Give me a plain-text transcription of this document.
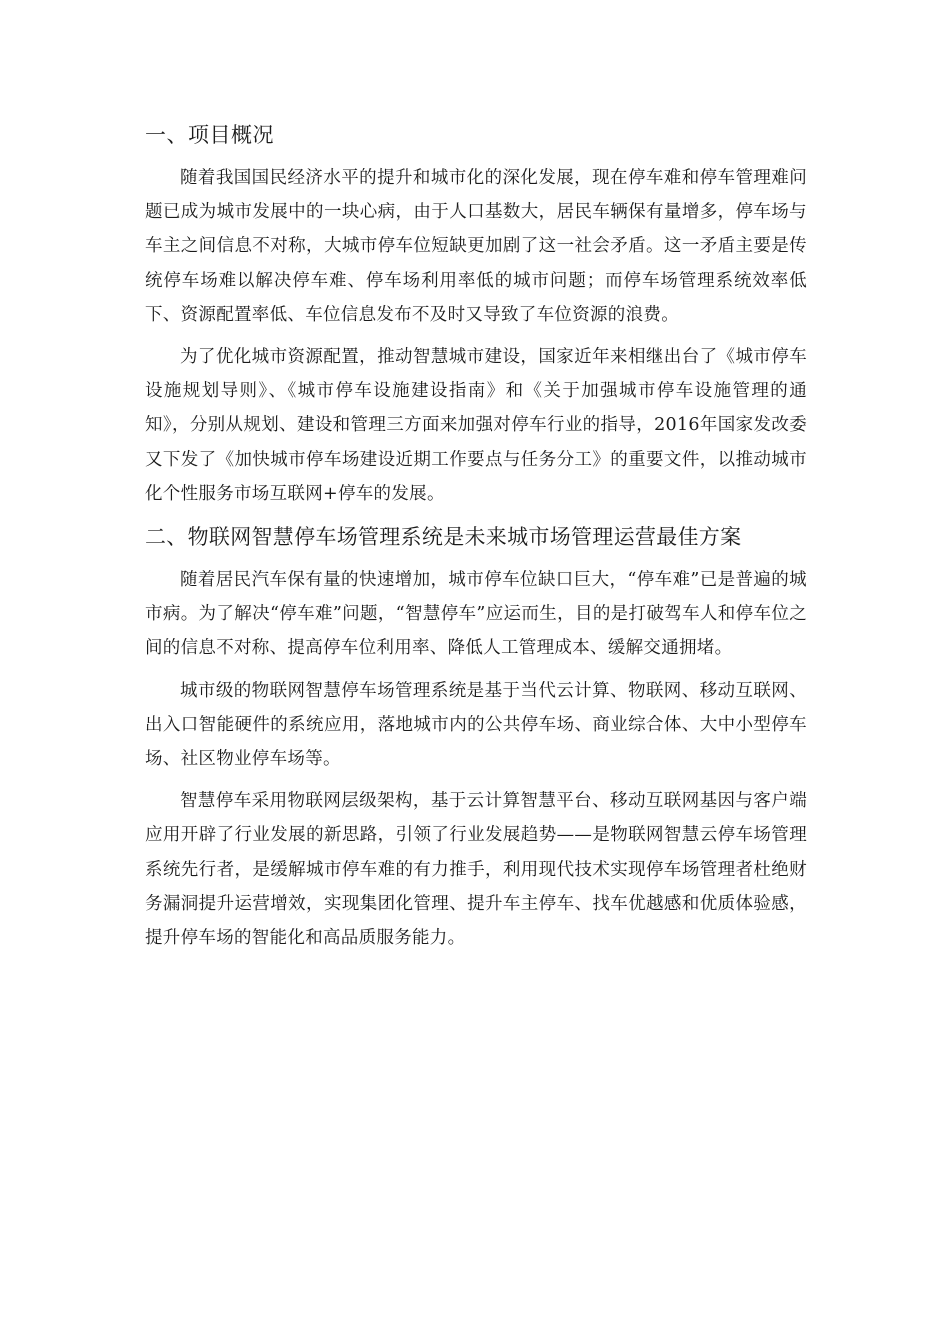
一、项目概况

随着我国国民经济水平的提升和城市化的深化发展，现在停车难和停车管理难问题已成为城市发展中的一块心病，由于人口基数大，居民车辆保有量增多，停车场与车主之间信息不对称，大城市停车位短缺更加剧了这一社会矛盾。这一矛盾主要是传统停车场难以解决停车难、停车场利用率低的城市问题；而停车场管理系统效率低下、资源配置率低、车位信息发布不及时又导致了车位资源的浪费。

为了优化城市资源配置，推动智慧城市建设，国家近年来相继出台了《城市停车设施规划导则》、《城市停车设施建设指南》和《关于加强城市停车设施管理的通知》，分别从规划、建设和管理三方面来加强对停车行业的指导，2016年国家发改委又下发了《加快城市停车场建设近期工作要点与任务分工》的重要文件，以推动城市化个性服务市场互联网+停车的发展。

二、物联网智慧停车场管理系统是未来城市场管理运营最佳方案

随着居民汽车保有量的快速增加，城市停车位缺口巨大，“停车难”已是普遍的城市病。为了解决“停车难”问题，“智慧停车”应运而生，目的是打破驾车人和停车位之间的信息不对称、提高停车位利用率、降低人工管理成本、缓解交通拥堵。

城市级的物联网智慧停车场管理系统是基于当代云计算、物联网、移动互联网、出入口智能硬件的系统应用，落地城市内的公共停车场、商业综合体、大中小型停车场、社区物业停车场等。

智慧停车采用物联网层级架构，基于云计算智慧平台、移动互联网基因与客户端应用开辟了行业发展的新思路，引领了行业发展趋势——是物联网智慧云停车场管理系统先行者，是缓解城市停车难的有力推手，利用现代技术实现停车场管理者杜绝财务漏洞提升运营增效，实现集团化管理、提升车主停车、找车优越感和优质体验感，提升停车场的智能化和高品质服务能力。
